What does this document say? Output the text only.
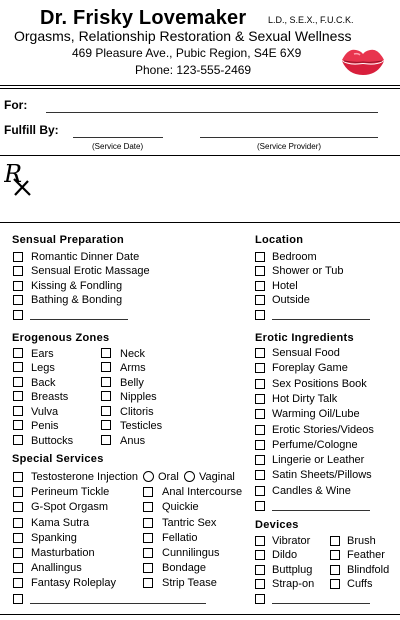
Dr. Frisky Lovemaker L.D., S.E.X., F.U.C.K.
Orgasms, Relationship Restoration & Sexual Wellness
469 Pleasure Ave., Pubic Region, S4E 6X9
Phone: 123-555-2469
For:
Fulfill By:
(Service Date)	(Service Provider)
R
Sensual Preparation
Romantic Dinner Date
Sensual Erotic Massage
Kissing & Fondling
Bathing & Bonding
Location
Bedroom
Shower or Tub
Hotel
Outside
Erogenous Zones
Ears
Legs
Back
Breasts
Vulva
Penis
Buttocks
Neck
Arms
Belly
Nipples
Clitoris
Testicles
Anus
Erotic Ingredients
Sensual Food
Foreplay Game
Sex Positions Book
Hot Dirty Talk
Warming Oil/Lube
Erotic Stories/Videos
Perfume/Cologne
Lingerie or Leather
Satin Sheets/Pillows
Candles & Wine
Special Services
Testosterone Injection Oral Vaginal
Perineum Tickle
G-Spot Orgasm
Kama Sutra
Spanking
Masturbation
Anallingus
Fantasy Roleplay
Anal Intercourse
Quickie
Tantric Sex
Fellatio
Cunnilingus
Bondage
Strip Tease
Devices
Vibrator
Dildo
Buttplug
Strap-on
Brush
Feather
Blindfold
Cuffs
